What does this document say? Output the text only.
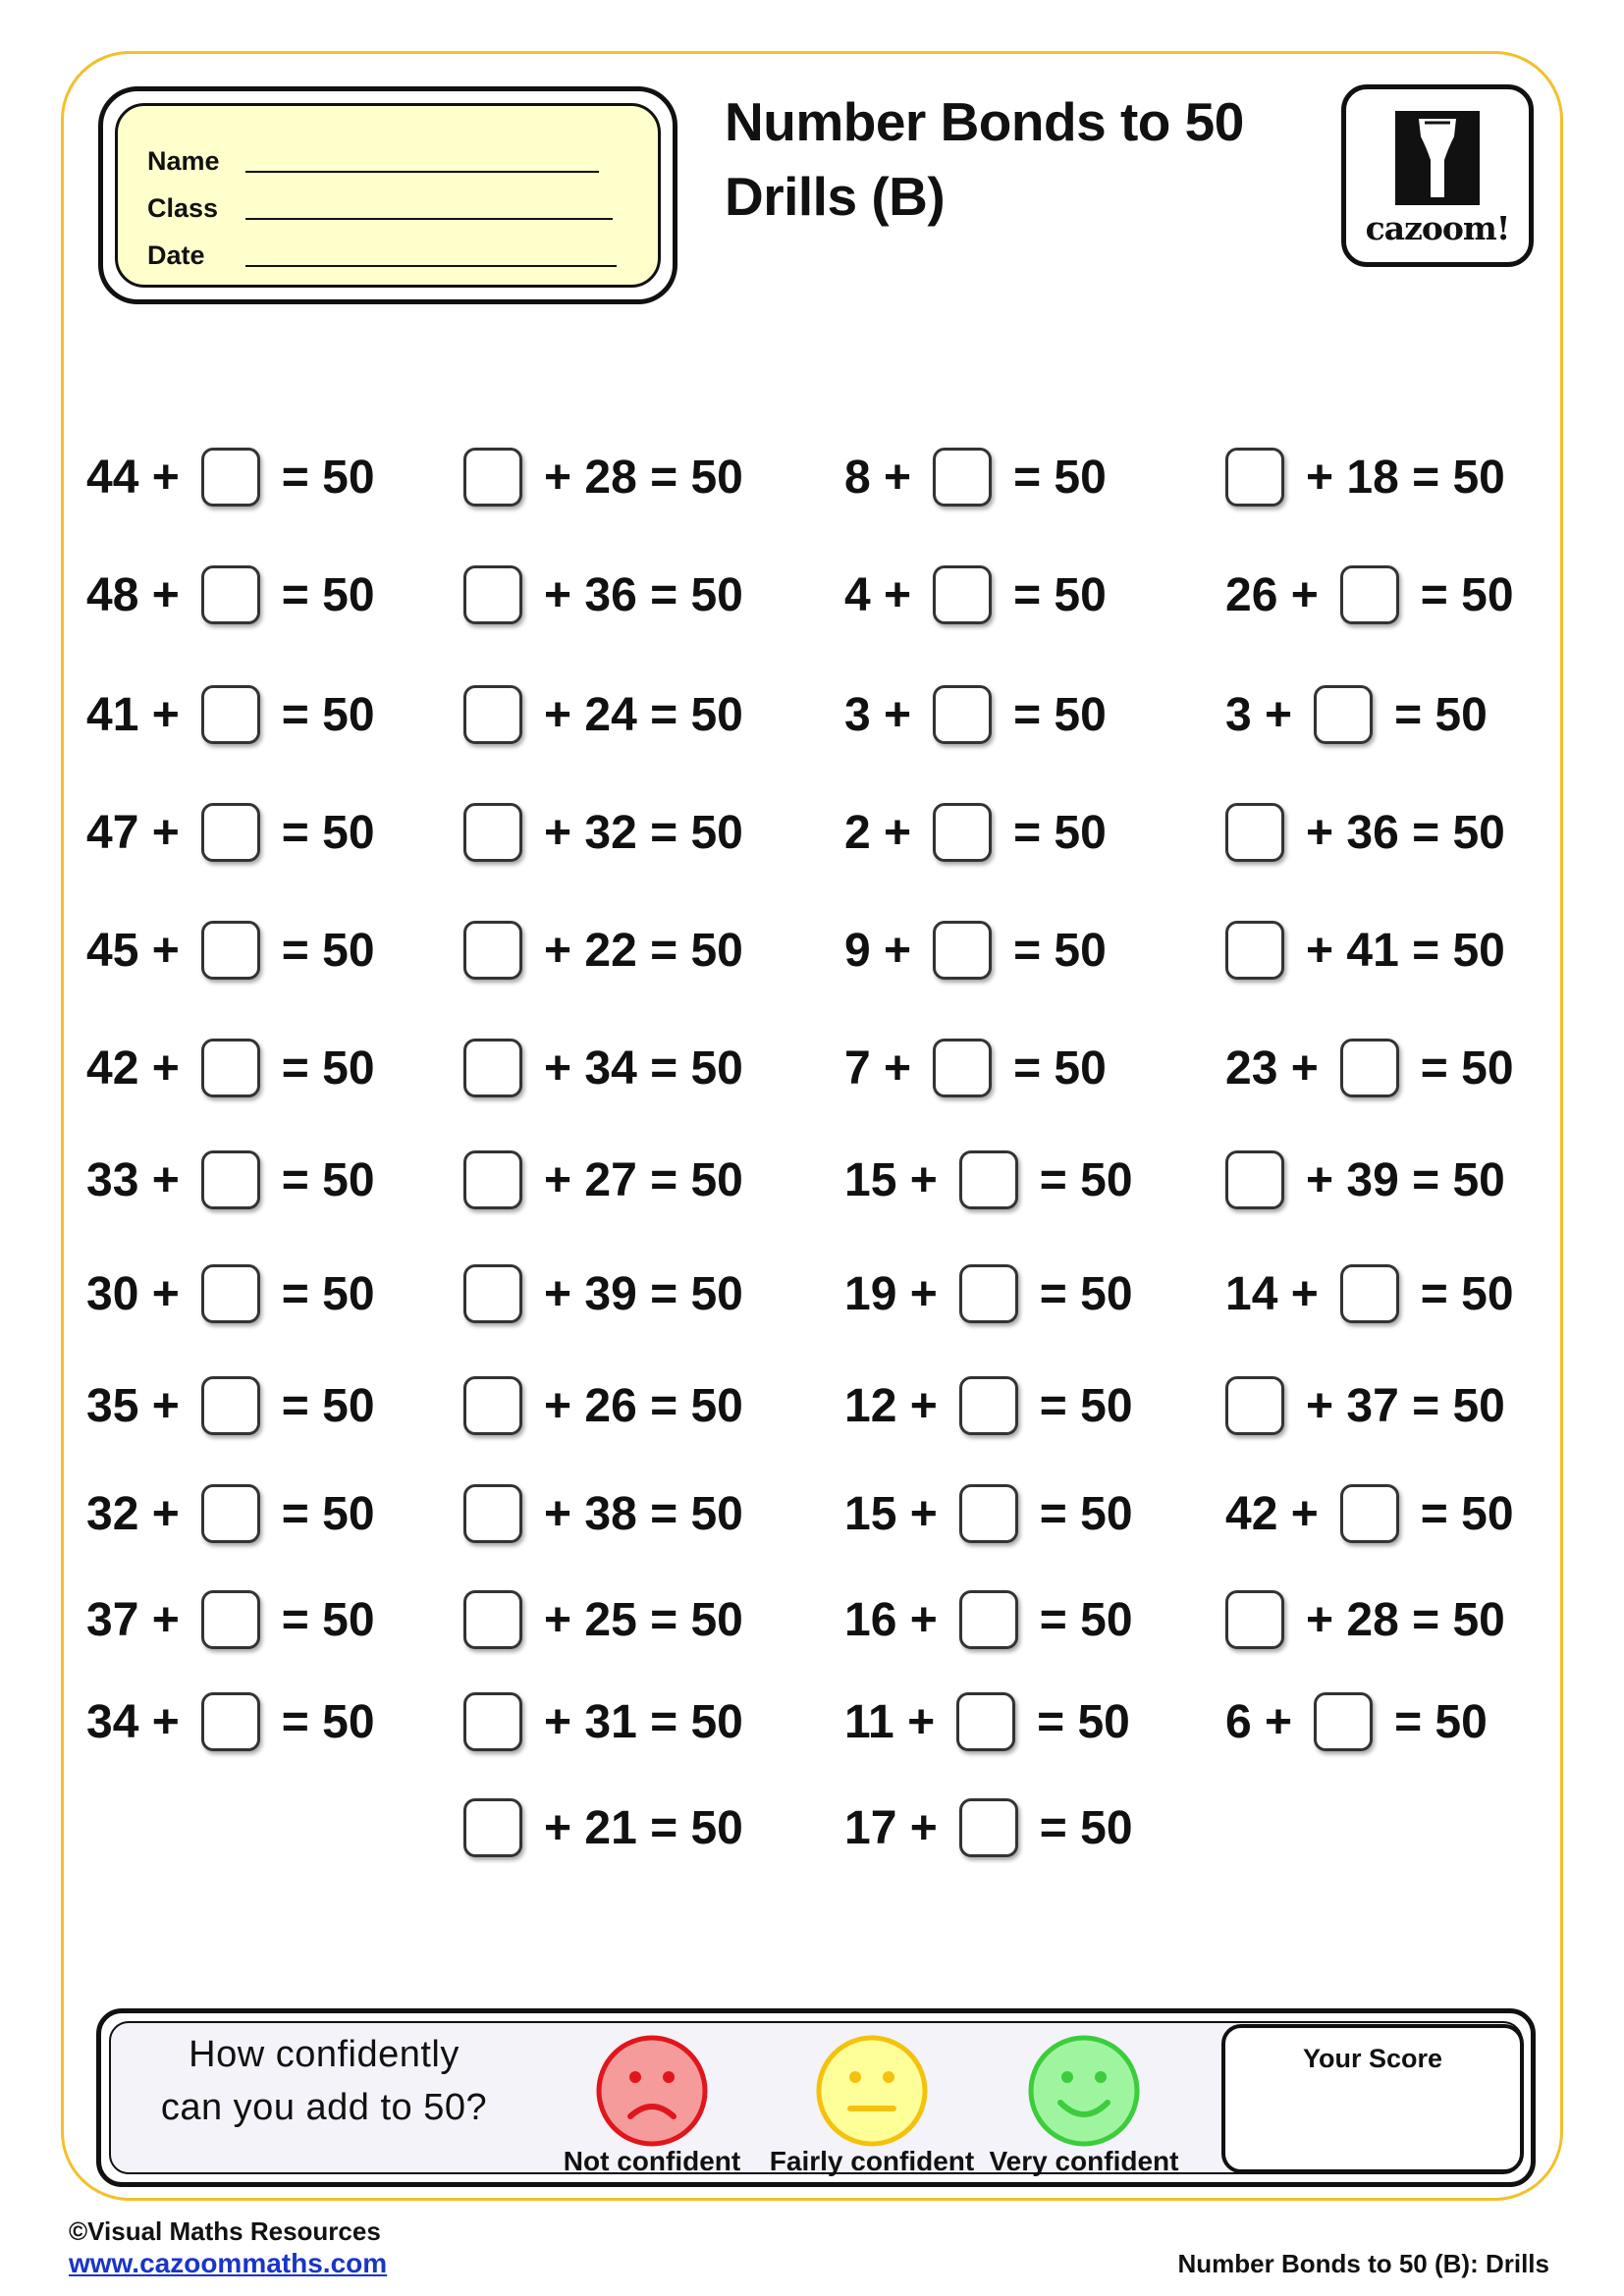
Name
Class
Date
Number Bonds to 50
Drills (B)
cazoom!
44 + = 50
48 + = 50
41 + = 50
47 + = 50
45 + = 50
42 + = 50
33 + = 50
30 + = 50
35 + = 50
32 + = 50
37 + = 50
34 + = 50
+ 28 = 50
+ 36 = 50
+ 24 = 50
+ 32 = 50
+ 22 = 50
+ 34 = 50
+ 27 = 50
+ 39 = 50
+ 26 = 50
+ 38 = 50
+ 25 = 50
+ 31 = 50
+ 21 = 50
8 + = 50
4 + = 50
3 + = 50
2 + = 50
9 + = 50
7 + = 50
15 + = 50
19 + = 50
12 + = 50
15 + = 50
16 + = 50
11 + = 50
17 + = 50
+ 18 = 50
26 + = 50
3 + = 50
+ 36 = 50
+ 41 = 50
23 + = 50
+ 39 = 50
14 + = 50
+ 37 = 50
42 + = 50
+ 28 = 50
6 + = 50
How confidently
can you add to 50?
Not confident	Fairly confident Very confident
Your Score
©Visual Maths Resources
www.cazoommaths.com	Number Bonds to 50 (B): Drills
